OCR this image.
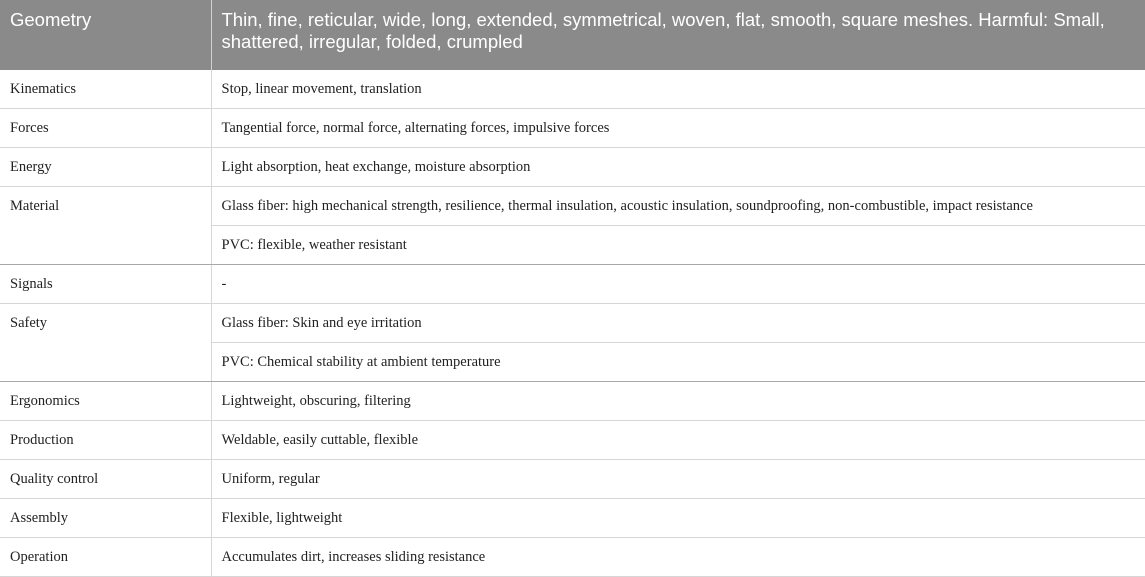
Geometry	Thin, fine, reticular, wide, long, extended, symmetrical, woven, flat, smooth, square meshes. Harmful: Small, shattered, irregular, folded, crumpled
Kinematics	Stop, linear movement, translation
Forces	Tangential force, normal force, alternating forces, impulsive forces
Energy	Light absorption, heat exchange, moisture absorption
Material	Glass fiber: high mechanical strength, resilience, thermal insulation, acoustic insulation, soundproofing, non-combustible, impact resistance
	PVC: flexible, weather resistant
Signals	-
Safety	Glass fiber: Skin and eye irritation
	PVC: Chemical stability at ambient temperature
Ergonomics	Lightweight, obscuring, filtering
Production	Weldable, easily cuttable, flexible
Quality control	Uniform, regular
Assembly	Flexible, lightweight
Operation	Accumulates dirt, increases sliding resistance
